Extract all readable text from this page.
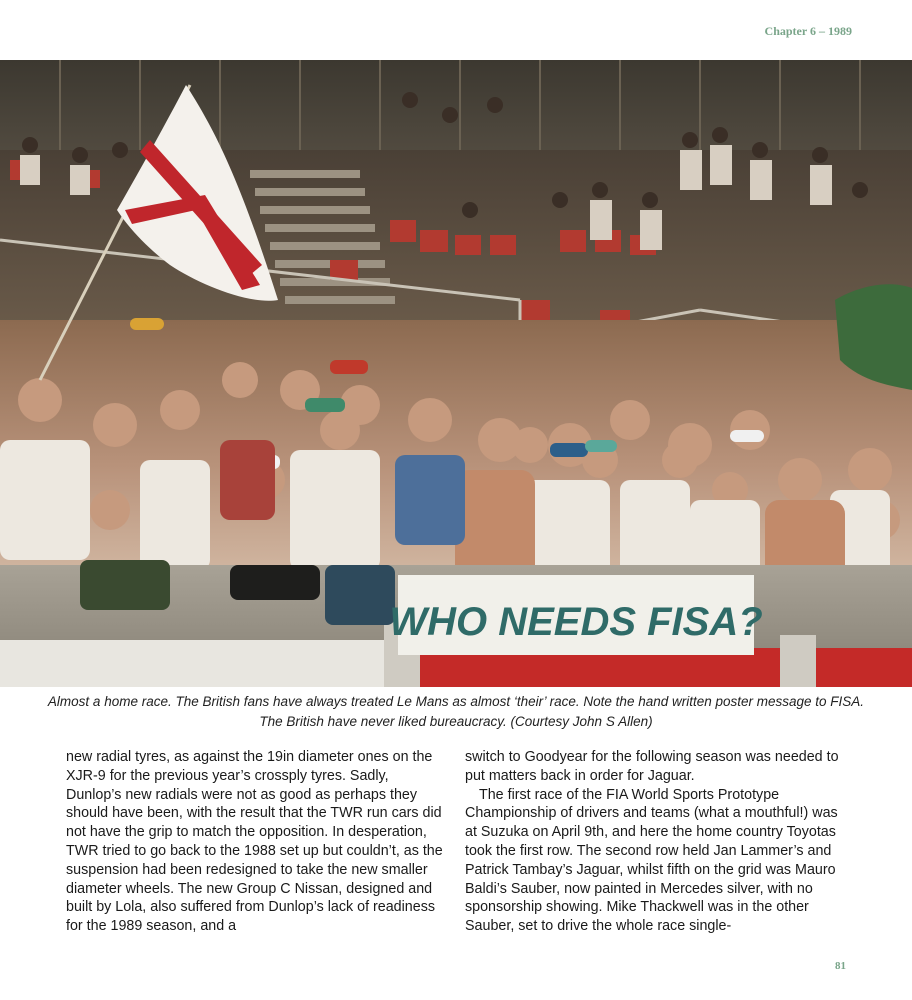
Chapter 6 – 1989
WHO NEEDS FISA?
Almost a home race. The British fans have always treated Le Mans as almost ‘their’ race. Note the hand written poster message to FISA. The British have never liked bureaucracy. (Courtesy John S Allen)

new radial tyres, as against the 19in diameter ones on the XJR-9 for the previous year’s crossply tyres. Sadly, Dunlop’s new radials were not as good as perhaps they should have been, with the result that the TWR run cars did not have the grip to match the opposition. In desperation, TWR tried to go back to the 1988 set up but couldn’t, as the suspension had been redesigned to take the new smaller diameter wheels. The new Group C Nissan, designed and built by Lola, also suffered from Dunlop’s lack of readiness for the 1989 season, and a

switch to Goodyear for the following season was needed to put matters back in order for Jaguar.

The first race of the FIA World Sports Prototype Championship of drivers and teams (what a mouthful!) was at Suzuka on April 9th, and here the home country Toyotas took the first row. The second row held Jan Lammer’s and Patrick Tambay’s Jaguar, whilst fifth on the grid was Mauro Baldi’s Sauber, now painted in Mercedes silver, with no sponsorship showing. Mike Thackwell was in the other Sauber, set to drive the whole race single-

81
